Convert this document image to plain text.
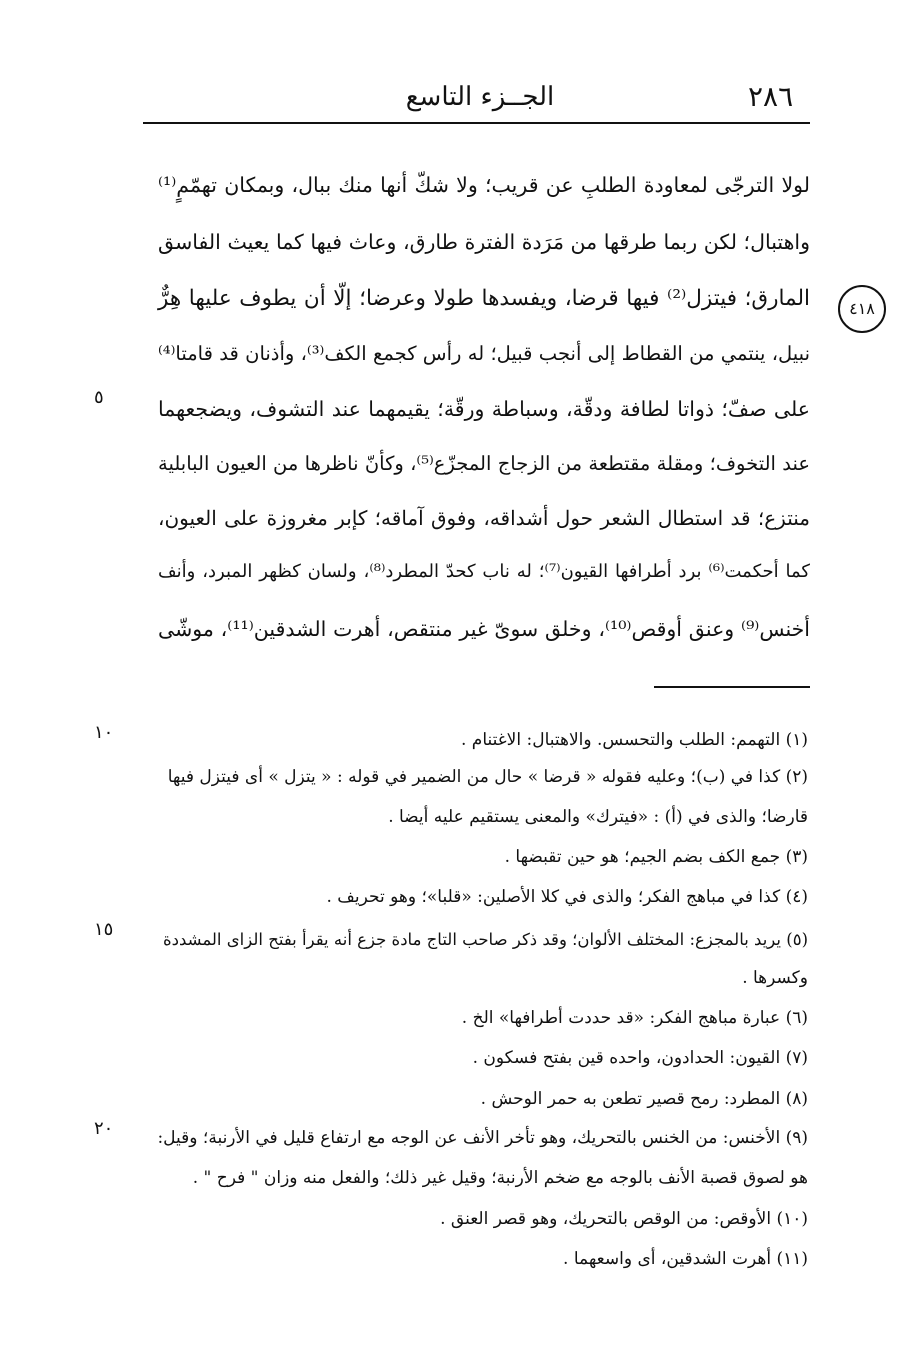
الجــزء التاسع	٢٨٦
٤١٨
لولا الترجّى لمعاودة الطلبِ عن قريب؛ ولا شكّ أنها منك ببال، وبمكان تهمّمٍ⁽¹⁾
واهتبال؛ لكن ربما طرقها من مَرَدة الفترة طارق، وعاث فيها كما يعيث الفاسق
المارق؛ فيتزل⁽²⁾ فيها قرضا، ويفسدها طولا وعرضا؛ إلّا أن يطوف عليها هِرٌّ
نبيل، ينتمي من القطاط إلى أنجب قبيل؛ له رأس كجمع الكف⁽³⁾، وأذنان قد قامتا⁽⁴⁾
على صفّ؛ ذواتا لطافة ودقّة، وسباطة ورقّة؛ يقيمهما عند التشوف، ويضجعهما
عند التخوف؛ ومقلة مقتطعة من الزجاج المجزّع⁽⁵⁾، وكأنّ ناظرها من العيون البابلية
منتزع؛ قد استطال الشعر حول أشداقه، وفوق آماقه؛ كإبر مغروزة على العيون،
كما أحكمت⁽⁶⁾ برد أطرافها القيون⁽⁷⁾؛ له ناب كحدّ المطرد⁽⁸⁾، ولسان كظهر المبرد، وأنف
أخنس⁽⁹⁾ وعنق أوقص⁽¹⁰⁾، وخلق سوىّ غير منتقص، أهرت الشدقين⁽¹¹⁾، موشّى
٥
١٠
١٥
٢٠
(١) التهمم: الطلب والتحسس. والاهتبال: الاغتنام .
(٢) كذا في (ب)؛ وعليه فقوله « قرضا » حال من الضمير في قوله : « يتزل » أى فيتزل فيها
قارضا؛ والذى في (أ) : «فيترك» والمعنى يستقيم عليه أيضا .
(٣) جمع الكف بضم الجيم؛ هو حين تقبضها .
(٤) كذا في مباهج الفكر؛ والذى في كلا الأصلين: «قلبا»؛ وهو تحريف .
(٥) يريد بالمجزع: المختلف الألوان؛ وقد ذكر صاحب التاج مادة جزع أنه يقرأ بفتح الزاى المشددة
وكسرها .
(٦) عبارة مباهج الفكر: «قد حددت أطرافها» الخ .
(٧) القيون: الحدادون، واحده قين بفتح فسكون .
(٨) المطرد: رمح قصير تطعن به حمر الوحش .
(٩) الأخنس: من الخنس بالتحريك، وهو تأخر الأنف عن الوجه مع ارتفاع قليل في الأرنبة؛ وقيل:
هو لصوق قصبة الأنف بالوجه مع ضخم الأرنبة؛ وقيل غير ذلك؛ والفعل منه وزان " فرح " .
(١٠) الأوقص: من الوقص بالتحريك، وهو قصر العنق .
(١١) أهرت الشدقين، أى واسعهما .
